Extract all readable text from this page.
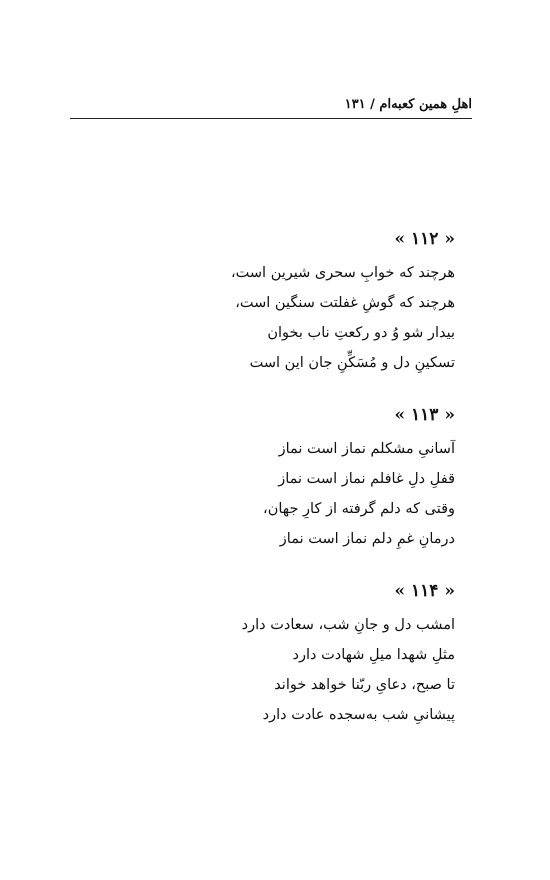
اهلِ همین کعبه‌ام / ۱۳۱
« ۱۱۲ »
هرچند که خوابِ سحری شیرین است،
هرچند که گوشِ غفلتت سنگین است،
بیدار شو وُ دو رکعتِ ناب بخوان
تسکینِ دل و مُسَکِّنِ جان این است
« ۱۱۳ »
آسانیِ مشکلم نماز است نماز
قفلِ دلِ غافلم نماز است نماز
وقتی که دلم گرفته از کارِ جهان،
درمانِ غمِ دلم نماز است نماز
« ۱۱۴ »
امشب دل و جانِ شب، سعادت دارد
مثلِ شهدا میلِ شهادت دارد
تا صبح، دعایِ ربّنا خواهد خواند
پیشانیِ شب به‌سجده عادت دارد
